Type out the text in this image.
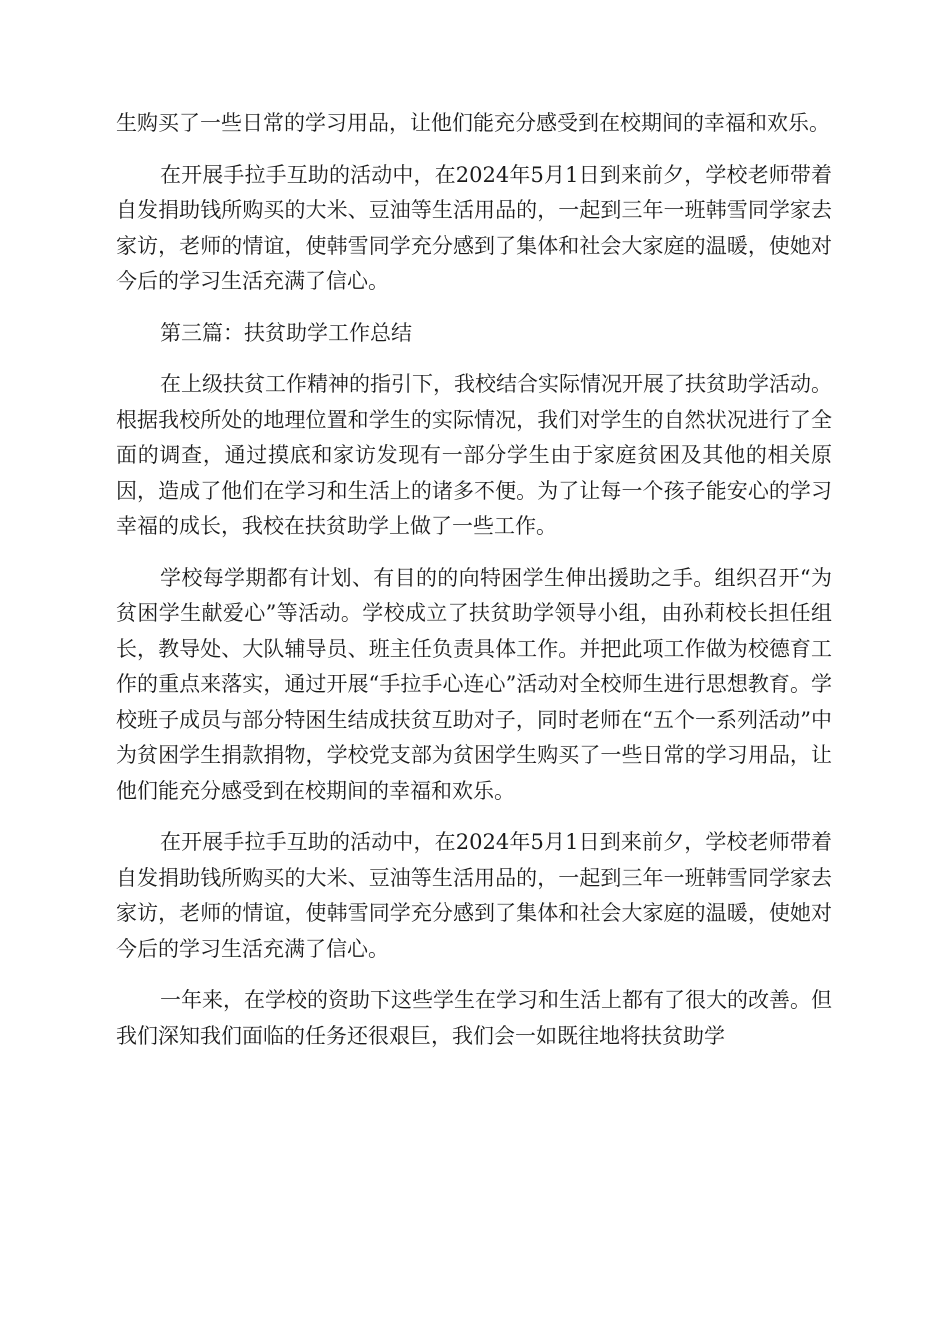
生购买了一些日常的学习用品，让他们能充分感受到在校期间的幸福和欢乐。

在开展手拉手互助的活动中，在2024年5月1日到来前夕，学校老师带着自发捐助钱所购买的大米、豆油等生活用品的，一起到三年一班韩雪同学家去家访，老师的情谊，使韩雪同学充分感到了集体和社会大家庭的温暖，使她对今后的学习生活充满了信心。

第三篇：扶贫助学工作总结

在上级扶贫工作精神的指引下，我校结合实际情况开展了扶贫助学活动。根据我校所处的地理位置和学生的实际情况，我们对学生的自然状况进行了全面的调查，通过摸底和家访发现有一部分学生由于家庭贫困及其他的相关原因，造成了他们在学习和生活上的诸多不便。为了让每一个孩子能安心的学习幸福的成长，我校在扶贫助学上做了一些工作。

学校每学期都有计划、有目的的向特困学生伸出援助之手。组织召开“为贫困学生献爱心”等活动。学校成立了扶贫助学领导小组，由孙莉校长担任组长，教导处、大队辅导员、班主任负责具体工作。并把此项工作做为校德育工作的重点来落实，通过开展“手拉手心连心”活动对全校师生进行思想教育。学校班子成员与部分特困生结成扶贫互助对子，同时老师在“五个一系列活动”中为贫困学生捐款捐物，学校党支部为贫困学生购买了一些日常的学习用品，让他们能充分感受到在校期间的幸福和欢乐。

在开展手拉手互助的活动中，在2024年5月1日到来前夕，学校老师带着自发捐助钱所购买的大米、豆油等生活用品的，一起到三年一班韩雪同学家去家访，老师的情谊，使韩雪同学充分感到了集体和社会大家庭的温暖，使她对今后的学习生活充满了信心。

一年来，在学校的资助下这些学生在学习和生活上都有了很大的改善。但我们深知我们面临的任务还很艰巨，我们会一如既往地将扶贫助学
